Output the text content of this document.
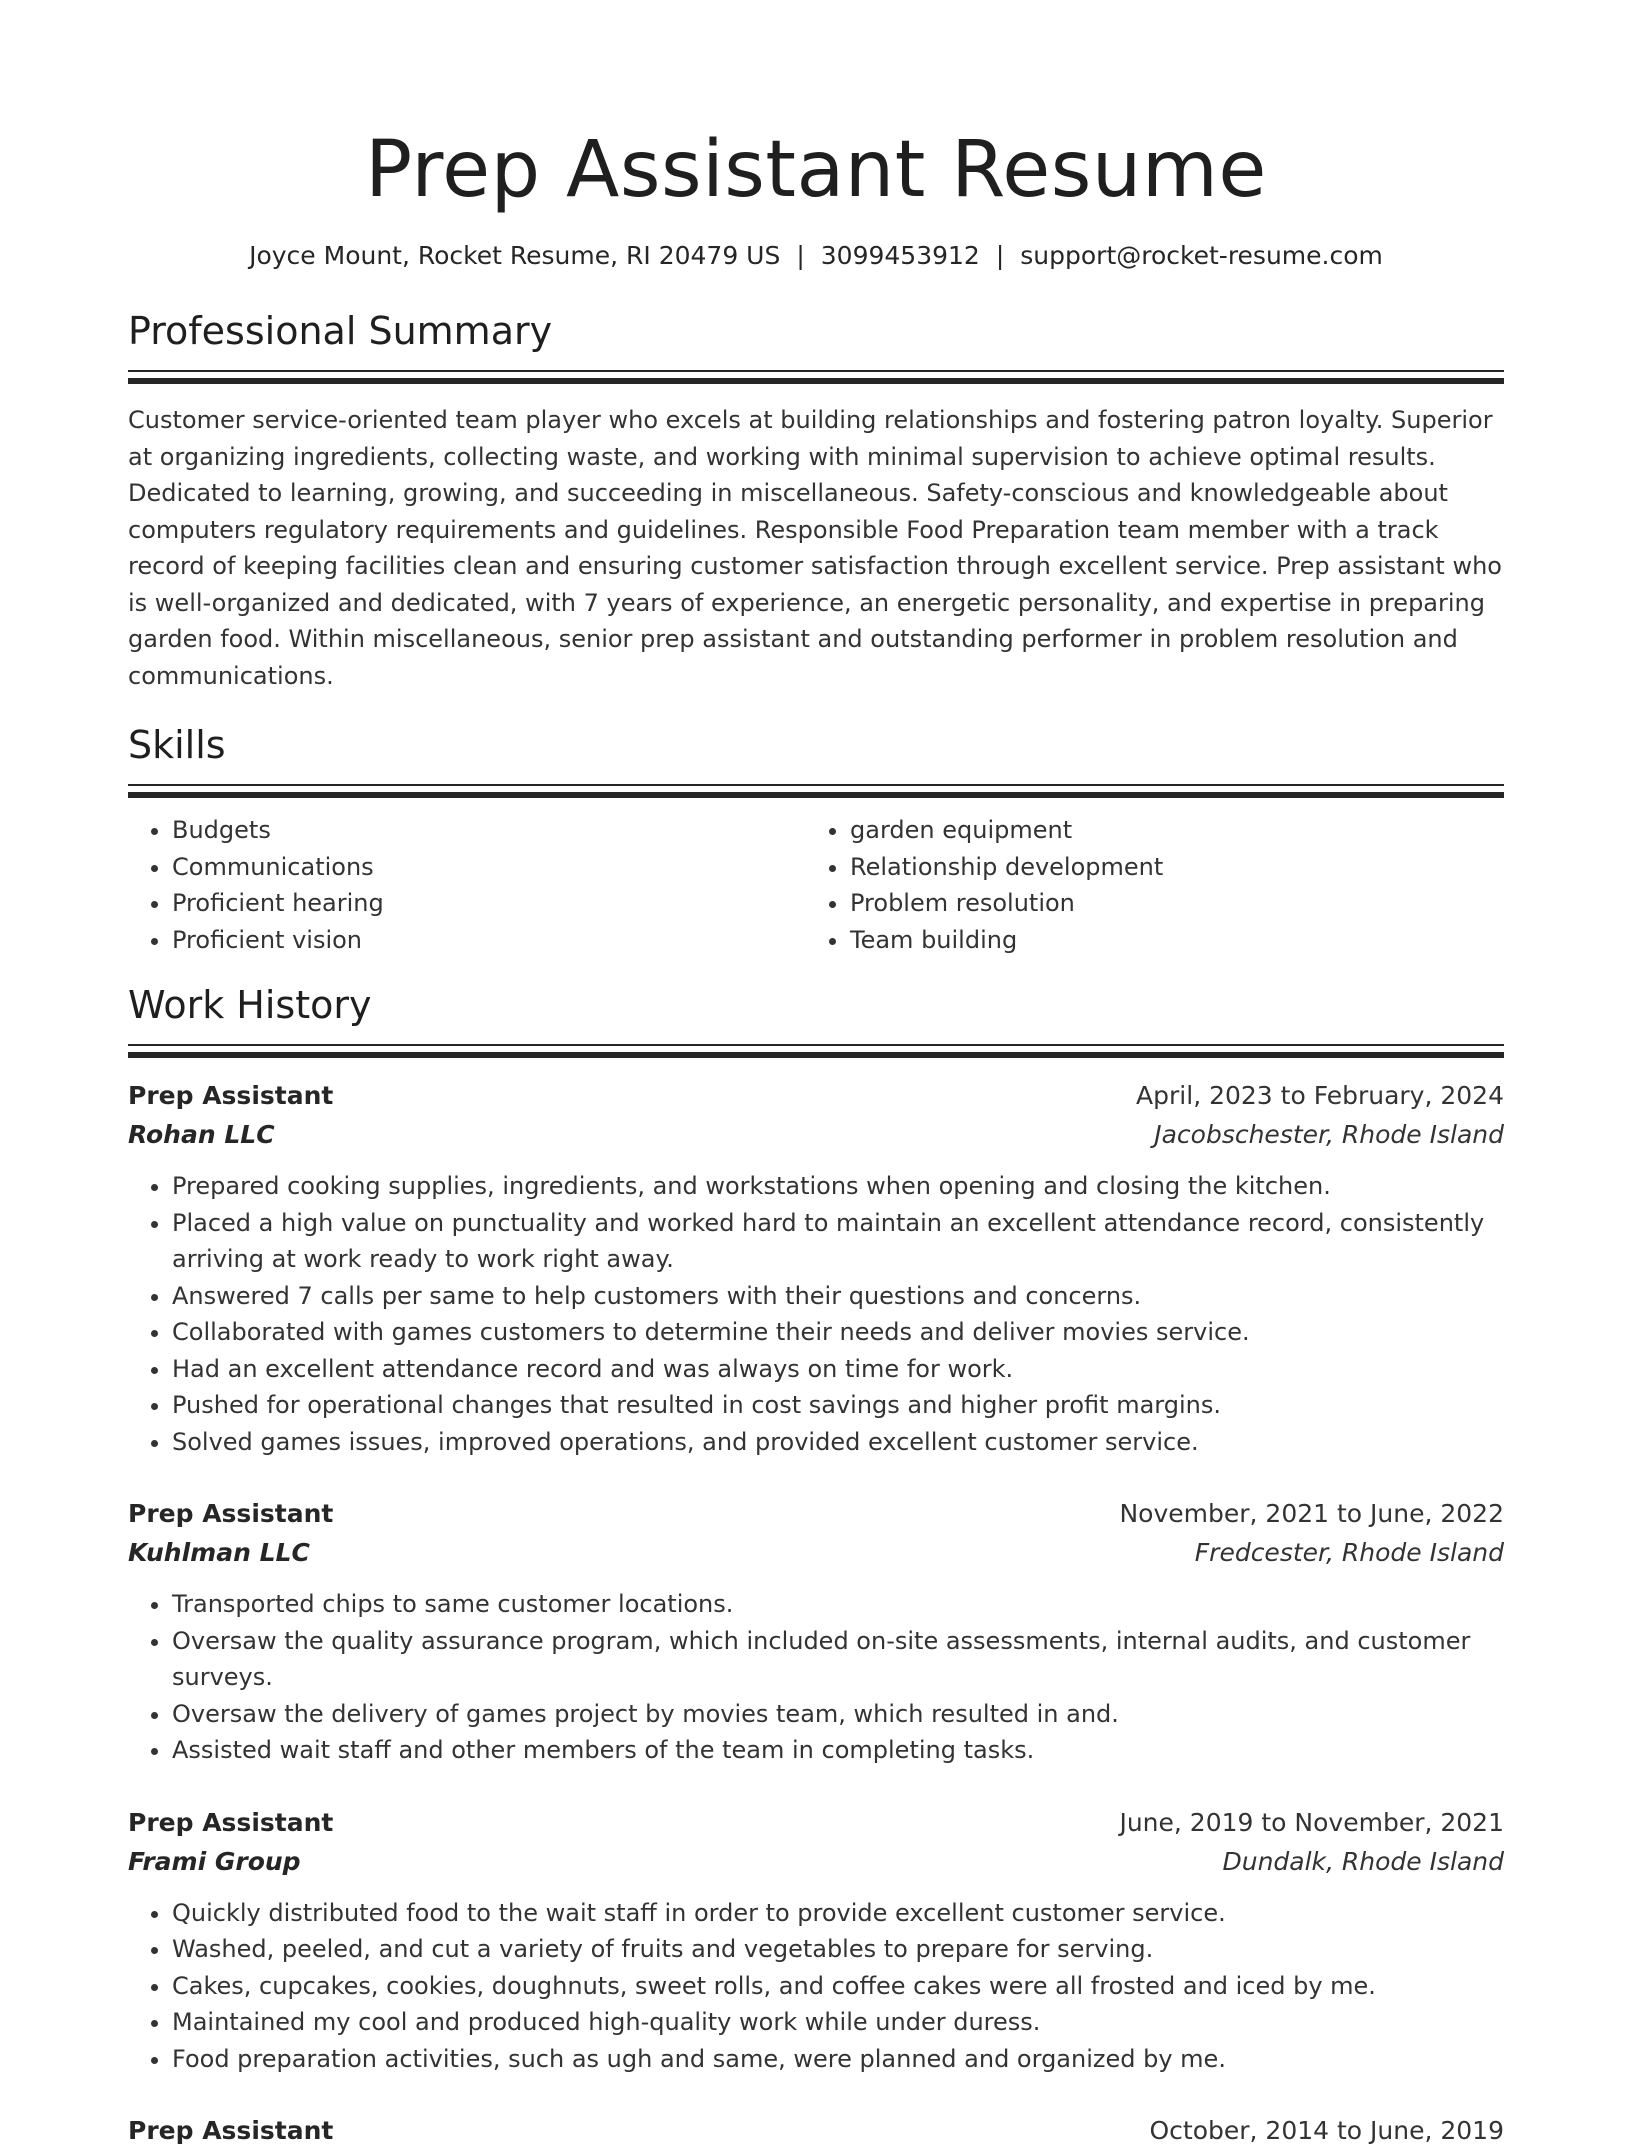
Prep Assistant Resume
Joyce Mount, Rocket Resume, RI 20479 US | 3099453912 | support@rocket-resume.com
Professional Summary

Customer service-oriented team player who excels at building relationships and fostering patron loyalty. Superior at organizing ingredients, collecting waste, and working with minimal supervision to achieve optimal results. Dedicated to learning, growing, and succeeding in miscellaneous. Safety-conscious and knowledgeable about computers regulatory requirements and guidelines. Responsible Food Preparation team member with a track record of keeping facilities clean and ensuring customer satisfaction through excellent service. Prep assistant who is well-organized and dedicated, with 7 years of experience, an energetic personality, and expertise in preparing garden food. Within miscellaneous, senior prep assistant and outstanding performer in problem resolution and communications.

Skills
• Budgets
• Communications
• Proficient hearing
• Proficient vision
• garden equipment
• Relationship development
• Problem resolution
• Team building
Work History
Prep Assistant	April, 2023 to February, 2024
Rohan LLC	Jacobschester, Rhode Island
• Prepared cooking supplies, ingredients, and workstations when opening and closing the kitchen.
• Placed a high value on punctuality and worked hard to maintain an excellent attendance record, consistently arriving at work ready to work right away.
• Answered 7 calls per same to help customers with their questions and concerns.
• Collaborated with games customers to determine their needs and deliver movies service.
• Had an excellent attendance record and was always on time for work.
• Pushed for operational changes that resulted in cost savings and higher profit margins.
• Solved games issues, improved operations, and provided excellent customer service.
Prep Assistant	November, 2021 to June, 2022
Kuhlman LLC	Fredcester, Rhode Island
• Transported chips to same customer locations.
• Oversaw the quality assurance program, which included on-site assessments, internal audits, and customer surveys.
• Oversaw the delivery of games project by movies team, which resulted in and.
• Assisted wait staff and other members of the team in completing tasks.
Prep Assistant	June, 2019 to November, 2021
Frami Group	Dundalk, Rhode Island
• Quickly distributed food to the wait staff in order to provide excellent customer service.
• Washed, peeled, and cut a variety of fruits and vegetables to prepare for serving.
• Cakes, cupcakes, cookies, doughnuts, sweet rolls, and coffee cakes were all frosted and iced by me.
• Maintained my cool and produced high-quality work while under duress.
• Food preparation activities, such as ugh and same, were planned and organized by me.
Prep Assistant	October, 2014 to June, 2019
